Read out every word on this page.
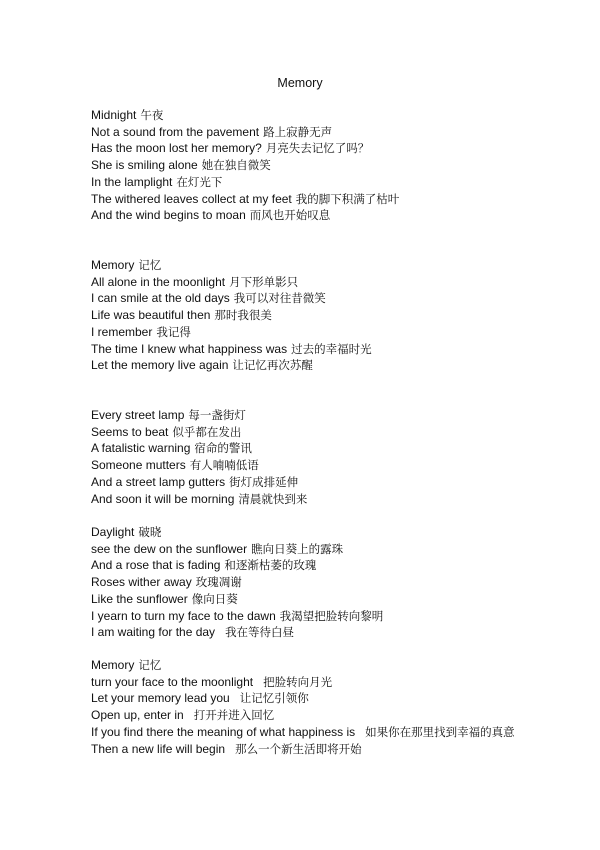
Memory
Midnight 午夜
Not a sound from the pavement 路上寂静无声
Has the moon lost her memory? 月亮失去记忆了吗？
She is smiling alone 她在独自微笑
In the lamplight 在灯光下
The withered leaves collect at my feet 我的脚下积满了枯叶
And the wind begins to moan 而风也开始叹息
Memory 记忆
All alone in the moonlight 月下形单影只
I can smile at the old days 我可以对往昔微笑
Life was beautiful then 那时我很美
I remember 我记得
The time I knew what happiness was 过去的幸福时光
Let the memory live again 让记忆再次苏醒
Every street lamp 每一盏街灯
Seems to beat 似乎都在发出
A fatalistic warning 宿命的警讯
Someone mutters 有人喃喃低语
And a street lamp gutters 街灯成排延伸
And soon it will be morning 清晨就快到来
Daylight 破晓
see the dew on the sunflower 瞧向日葵上的露珠
And a rose that is fading 和逐渐枯萎的玫瑰
Roses wither away 玫瑰凋谢
Like the sunflower 像向日葵
I yearn to turn my face to the dawn 我渴望把脸转向黎明
I am waiting for the day 我在等待白昼
Memory 记忆
turn your face to the moonlight 把脸转向月光
Let your memory lead you 让记忆引领你
Open up, enter in 打开并进入回忆
If you find there the meaning of what happiness is 如果你在那里找到幸福的真意
Then a new life will begin 那么一个新生活即将开始
